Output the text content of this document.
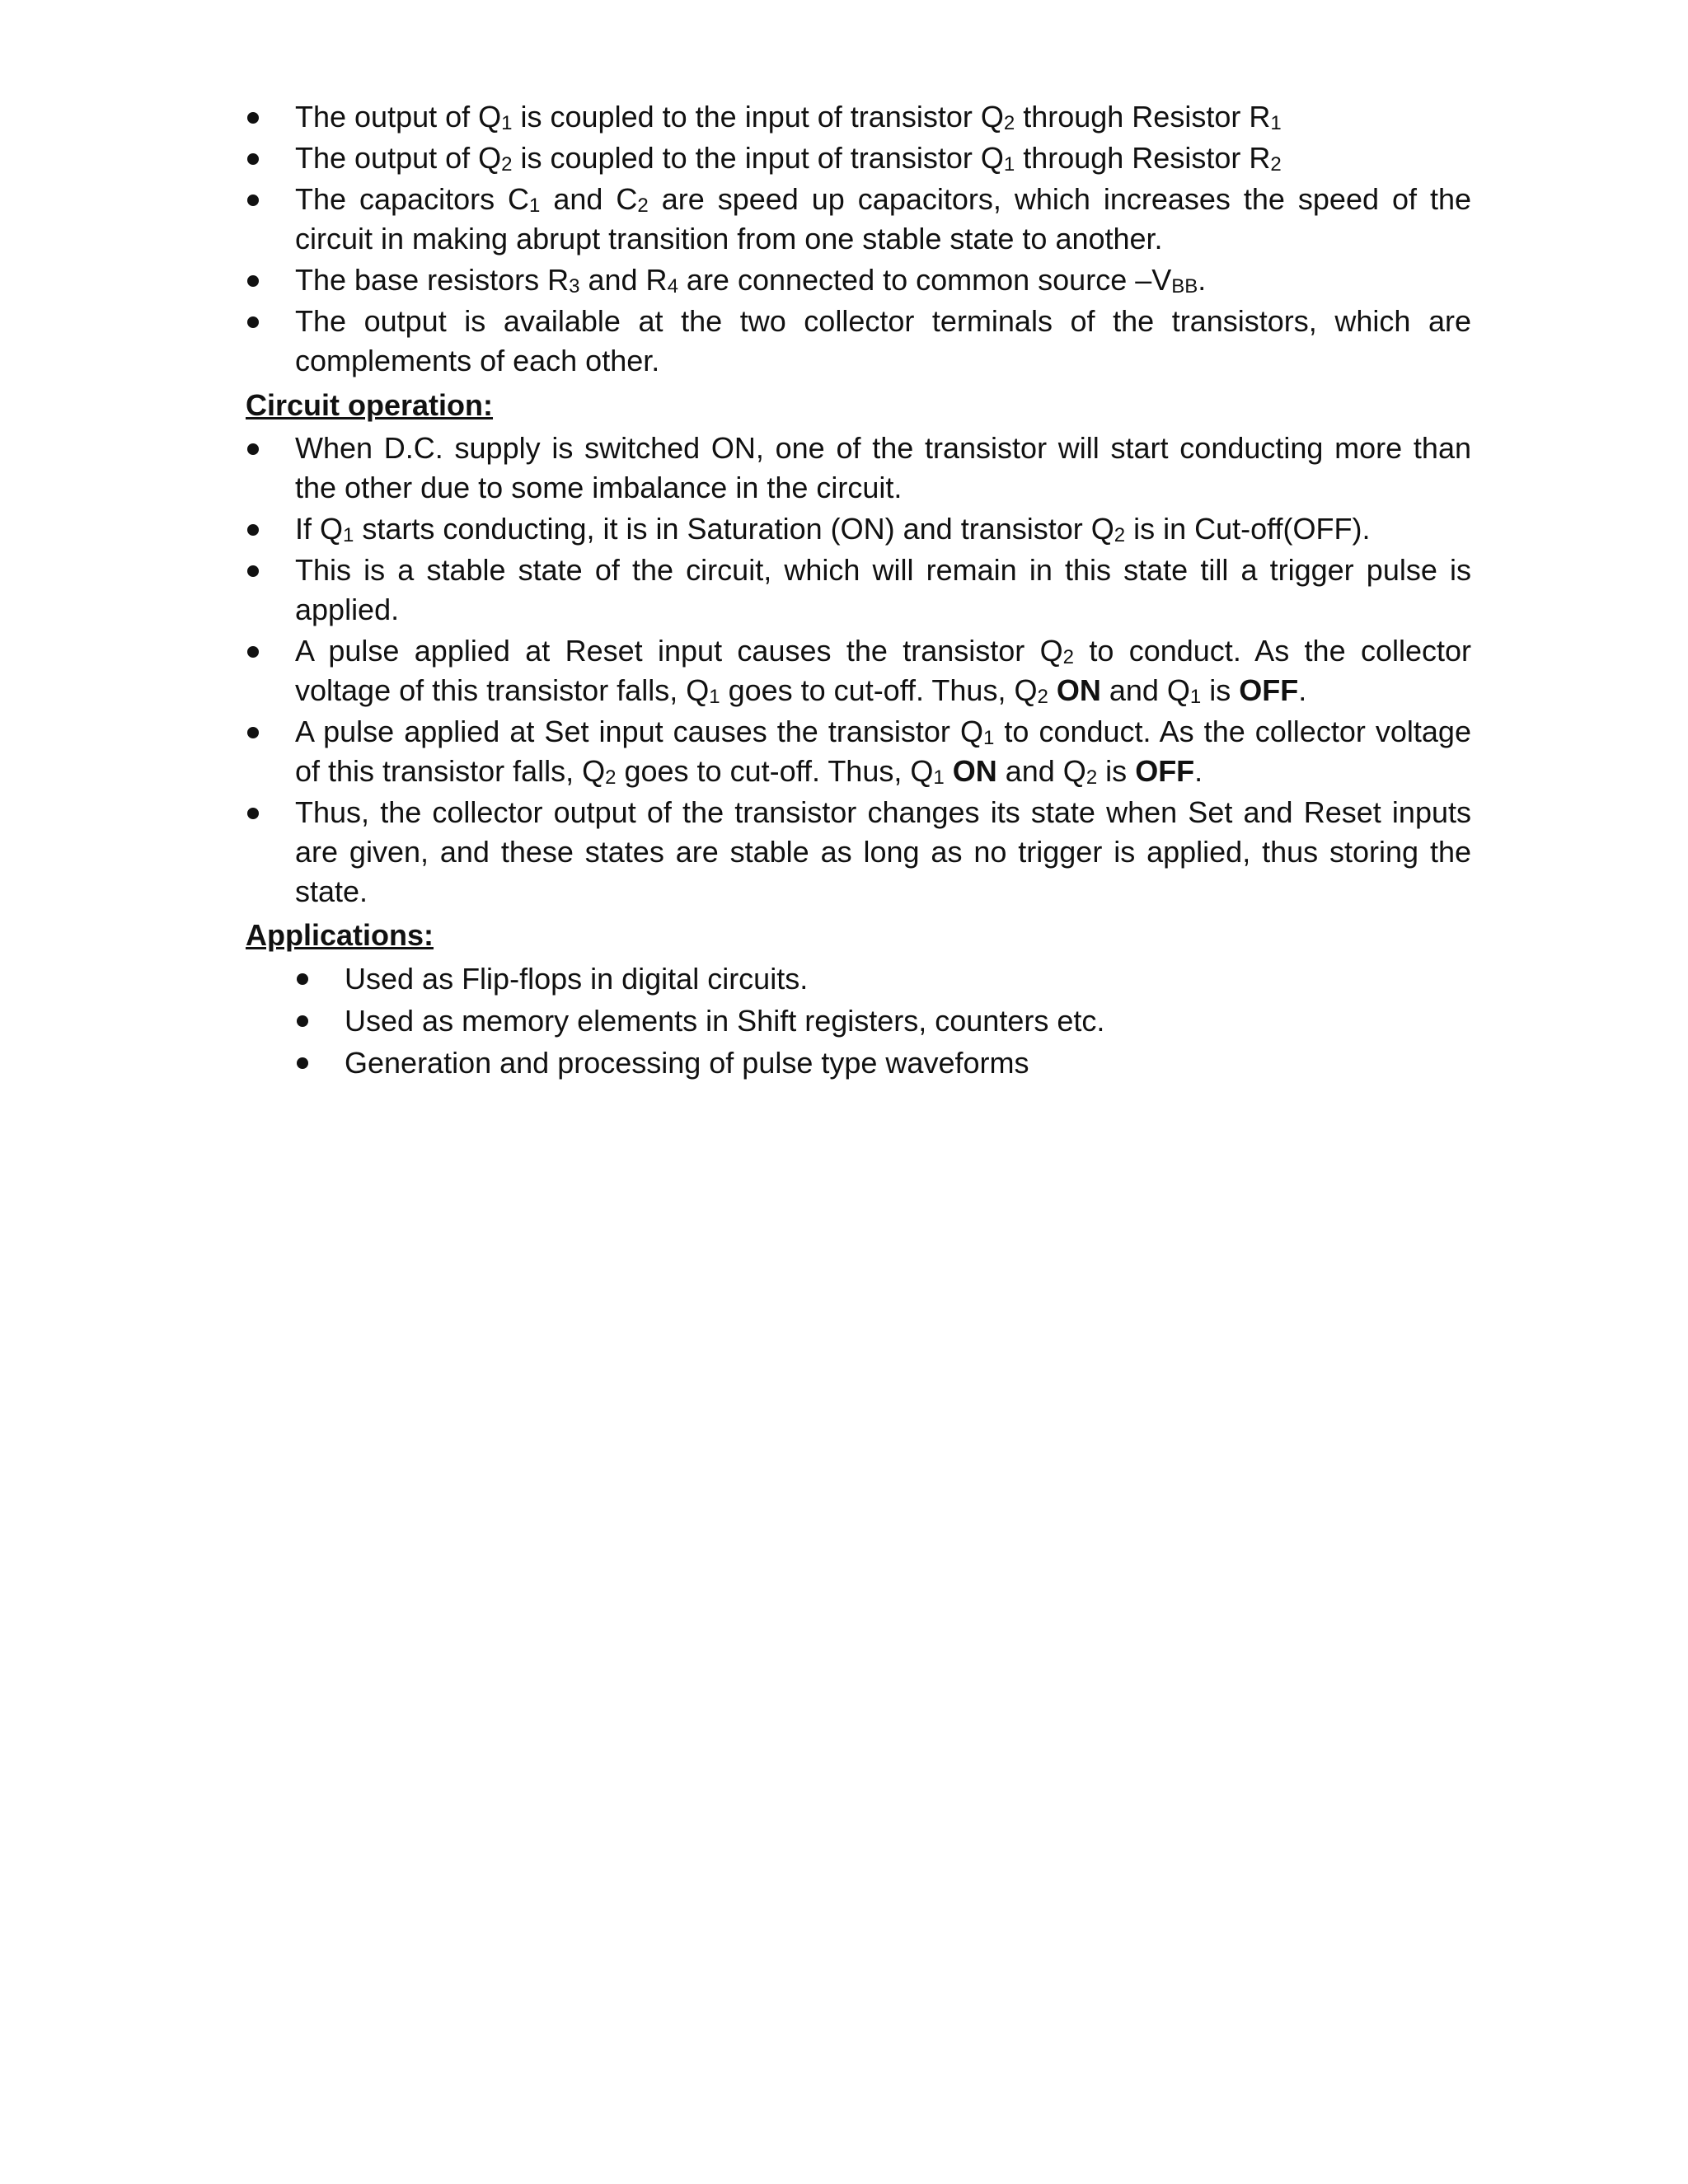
The output of $Q_1$ is coupled to the input of transistor $Q_2$ through Resistor $R_1$
The output of $Q_2$ is coupled to the input of transistor $Q_1$ through Resistor $R_2$
The capacitors $C_1$ and $C_2$ are speed up capacitors, which increases the speed of the circuit in making abrupt transition from one stable state to another.
The base resistors $R_3$ and $R_4$ are connected to common source $-V_{BB}$.
The output is available at the two collector terminals of the transistors, which are complements of each other.
Circuit operation:
When D.C. supply is switched ON, one of the transistor will start conducting more than the other due to some imbalance in the circuit.
If $Q_1$ starts conducting, it is in Saturation (ON) and transistor $Q_2$ is in Cut-off(OFF).
This is a stable state of the circuit, which will remain in this state till a trigger pulse is applied.
A pulse applied at Reset input causes the transistor $Q_2$ to conduct. As the collector voltage of this transistor falls, $Q_1$ goes to cut-off. Thus, $Q_2$ ON and $Q_1$ is OFF.
A pulse applied at Set input causes the transistor $Q_1$ to conduct. As the collector voltage of this transistor falls, $Q_2$ goes to cut-off. Thus, $Q_1$ ON and $Q_2$ is OFF.
Thus, the collector output of the transistor changes its state when Set and Reset inputs are given, and these states are stable as long as no trigger is applied, thus storing the state.
Applications:
Used as Flip-flops in digital circuits.
Used as memory elements in Shift registers, counters etc.
Generation and processing of pulse type waveforms
